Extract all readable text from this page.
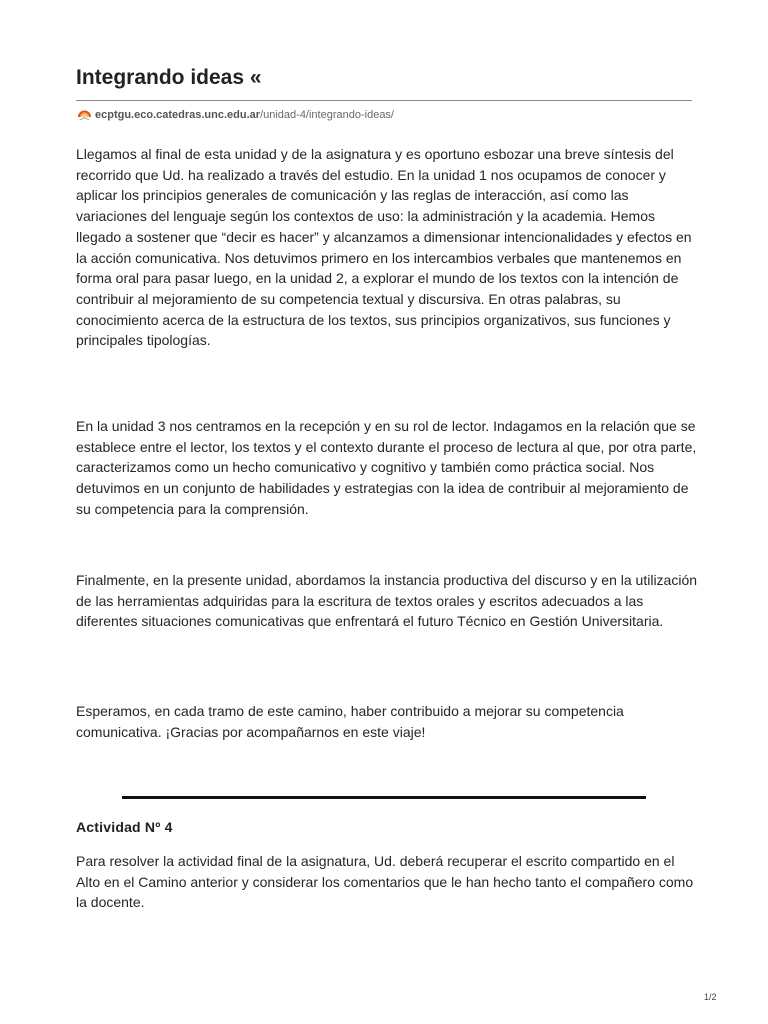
Integrando ideas «
ecptgu.eco.catedras.unc.edu.ar /unidad-4/integrando-ideas/

Llegamos al final de esta unidad y de la asignatura y es oportuno esbozar una breve síntesis del recorrido que Ud. ha realizado a través del estudio. En la unidad 1 nos ocupamos de conocer y aplicar los principios generales de comunicación y las reglas de interacción, así como las variaciones del lenguaje según los contextos de uso: la administración y la academia. Hemos llegado a sostener que “decir es hacer” y alcanzamos a dimensionar intencionalidades y efectos en la acción comunicativa. Nos detuvimos primero en los intercambios verbales que mantenemos en forma oral para pasar luego, en la unidad 2, a explorar el mundo de los textos con la intención de contribuir al mejoramiento de su competencia textual y discursiva. En otras palabras, su conocimiento acerca de la estructura de los textos, sus principios organizativos, sus funciones y principales tipologías.

En la unidad 3 nos centramos en la recepción y en su rol de lector. Indagamos en la relación que se establece entre el lector, los textos y el contexto durante el proceso de lectura al que, por otra parte, caracterizamos como un hecho comunicativo y cognitivo y también como práctica social. Nos detuvimos en un conjunto de habilidades y estrategias con la idea de contribuir al mejoramiento de su competencia para la comprensión.

Finalmente, en la presente unidad, abordamos la instancia productiva del discurso y en la utilización de las herramientas adquiridas para la escritura de textos orales y escritos adecuados a las diferentes situaciones comunicativas que enfrentará el futuro Técnico en Gestión Universitaria.

Esperamos, en cada tramo de este camino, haber contribuido a mejorar su competencia comunicativa. ¡Gracias por acompañarnos en este viaje!

Actividad Nº 4

Para resolver la actividad final de la asignatura, Ud. deberá recuperar el escrito compartido en el Alto en el Camino anterior y considerar los comentarios que le han hecho tanto el compañero como la docente.

1/2
